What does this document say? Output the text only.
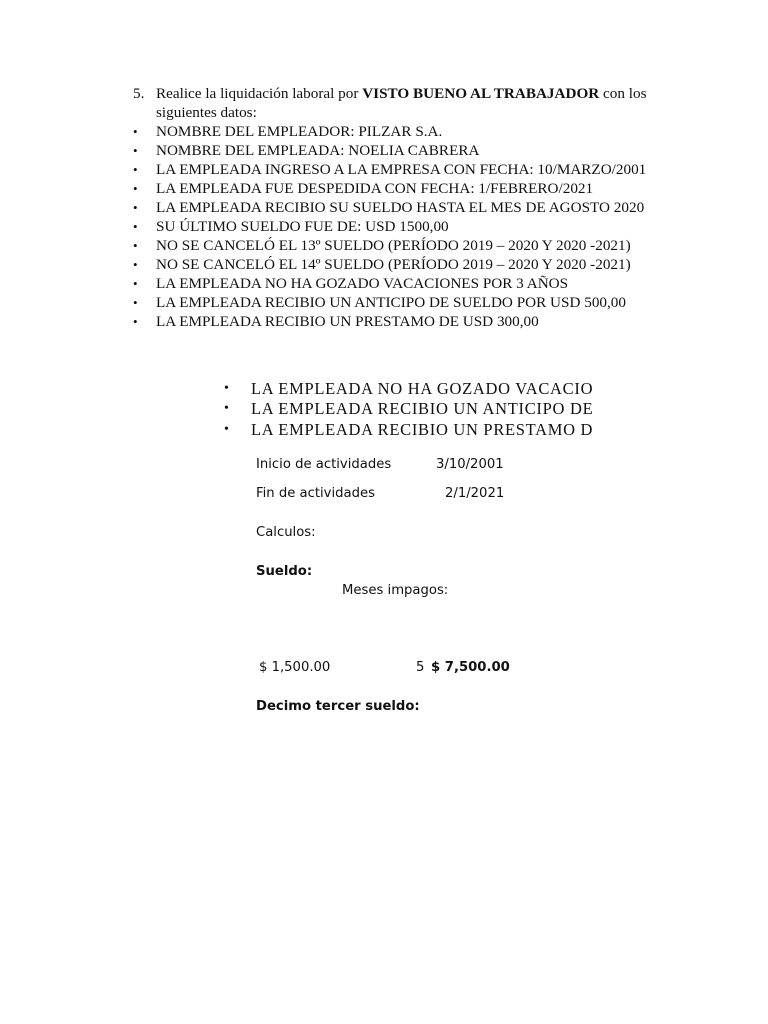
5. Realice la liquidación laboral por VISTO BUENO AL TRABAJADOR con los siguientes datos:
•	NOMBRE DEL EMPLEADOR: PILZAR S.A.
•	NOMBRE DEL EMPLEADA: NOELIA CABRERA
•	LA EMPLEADA INGRESO A LA EMPRESA CON FECHA: 10/MARZO/2001
•	LA EMPLEADA FUE DESPEDIDA CON FECHA: 1/FEBRERO/2021
•	LA EMPLEADA RECIBIO SU SUELDO HASTA EL MES DE AGOSTO 2020
•	SU ÚLTIMO SUELDO FUE DE: USD 1500,00
•	NO SE CANCELÓ EL 13º SUELDO (PERÍODO 2019 – 2020 Y 2020 -2021)
•	NO SE CANCELÓ EL 14º SUELDO (PERÍODO 2019 – 2020 Y 2020 -2021)
•	LA EMPLEADA NO HA GOZADO VACACIONES POR 3 AÑOS
•	LA EMPLEADA RECIBIO UN ANTICIPO DE SUELDO POR USD 500,00
•	LA EMPLEADA RECIBIO UN PRESTAMO DE USD 300,00
•	LA EMPLEADA NO HA GOZADO VACACIO
•	LA EMPLEADA RECIBIO UN ANTICIPO DE
•	LA EMPLEADA RECIBIO UN PRESTAMO D
Inicio de actividades	3/10/2001
Fin de actividades	2/1/2021
Calculos:
Sueldo:
Meses impagos:
$ 1,500.00	5 $ 7,500.00
Decimo tercer sueldo:
